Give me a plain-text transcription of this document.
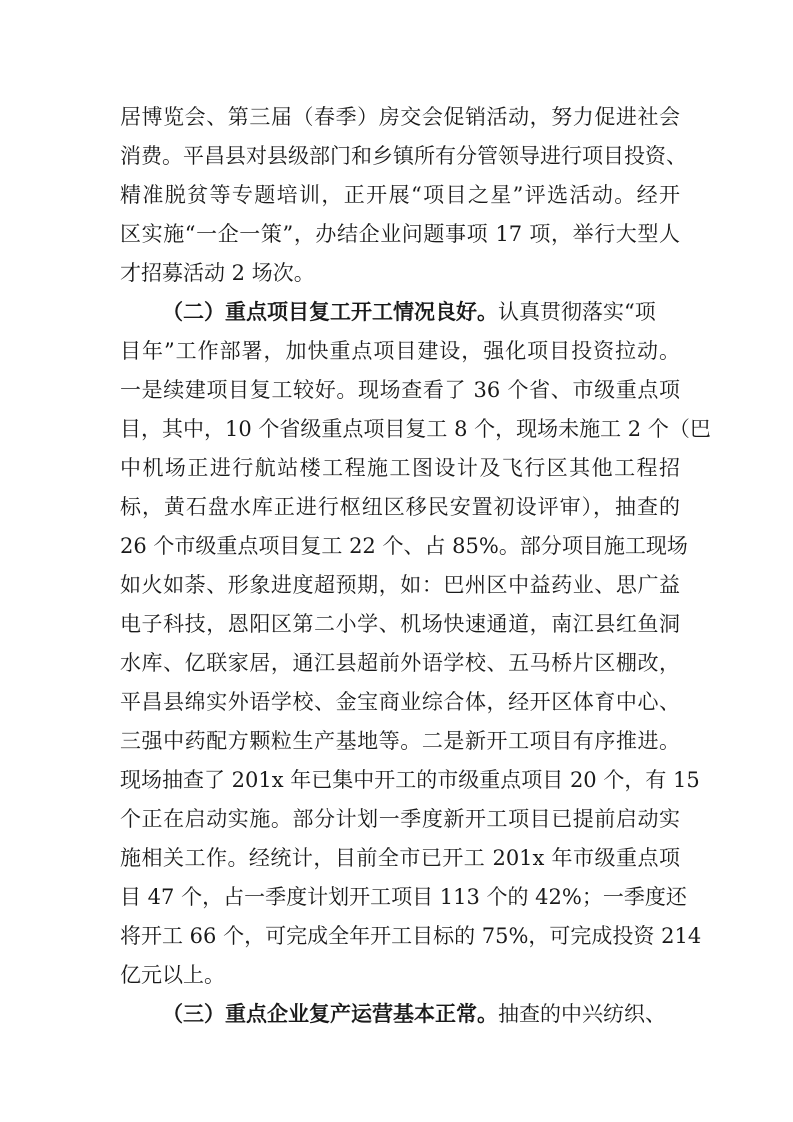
居博览会、第三届（春季）房交会促销活动，努力促进社会
消费。平昌县对县级部门和乡镇所有分管领导进行项目投资、
精准脱贫等专题培训，正开展“项目之星”评选活动。经开
区实施“一企一策”，办结企业问题事项 17 项，举行大型人
才招募活动 2 场次。
（二）重点项目复工开工情况良好。认真贯彻落实“项
目年”工作部署，加快重点项目建设，强化项目投资拉动。
一是续建项目复工较好。现场查看了 36 个省、市级重点项
目，其中，10 个省级重点项目复工 8 个，现场未施工 2 个（巴
中机场正进行航站楼工程施工图设计及飞行区其他工程招
标，黄石盘水库正进行枢纽区移民安置初设评审），抽查的
26 个市级重点项目复工 22 个、占 85%。部分项目施工现场
如火如荼、形象进度超预期，如：巴州区中益药业、思广益
电子科技，恩阳区第二小学、机场快速通道，南江县红鱼洞
水库、亿联家居，通江县超前外语学校、五马桥片区棚改，
平昌县绵实外语学校、金宝商业综合体，经开区体育中心、
三强中药配方颗粒生产基地等。二是新开工项目有序推进。
现场抽查了 201x 年已集中开工的市级重点项目 20 个，有 15
个正在启动实施。部分计划一季度新开工项目已提前启动实
施相关工作。经统计，目前全市已开工 201x 年市级重点项
目 47 个，占一季度计划开工项目 113 个的 42%；一季度还
将开工 66 个，可完成全年开工目标的 75%，可完成投资 214
亿元以上。
（三）重点企业复产运营基本正常。抽查的中兴纺织、
